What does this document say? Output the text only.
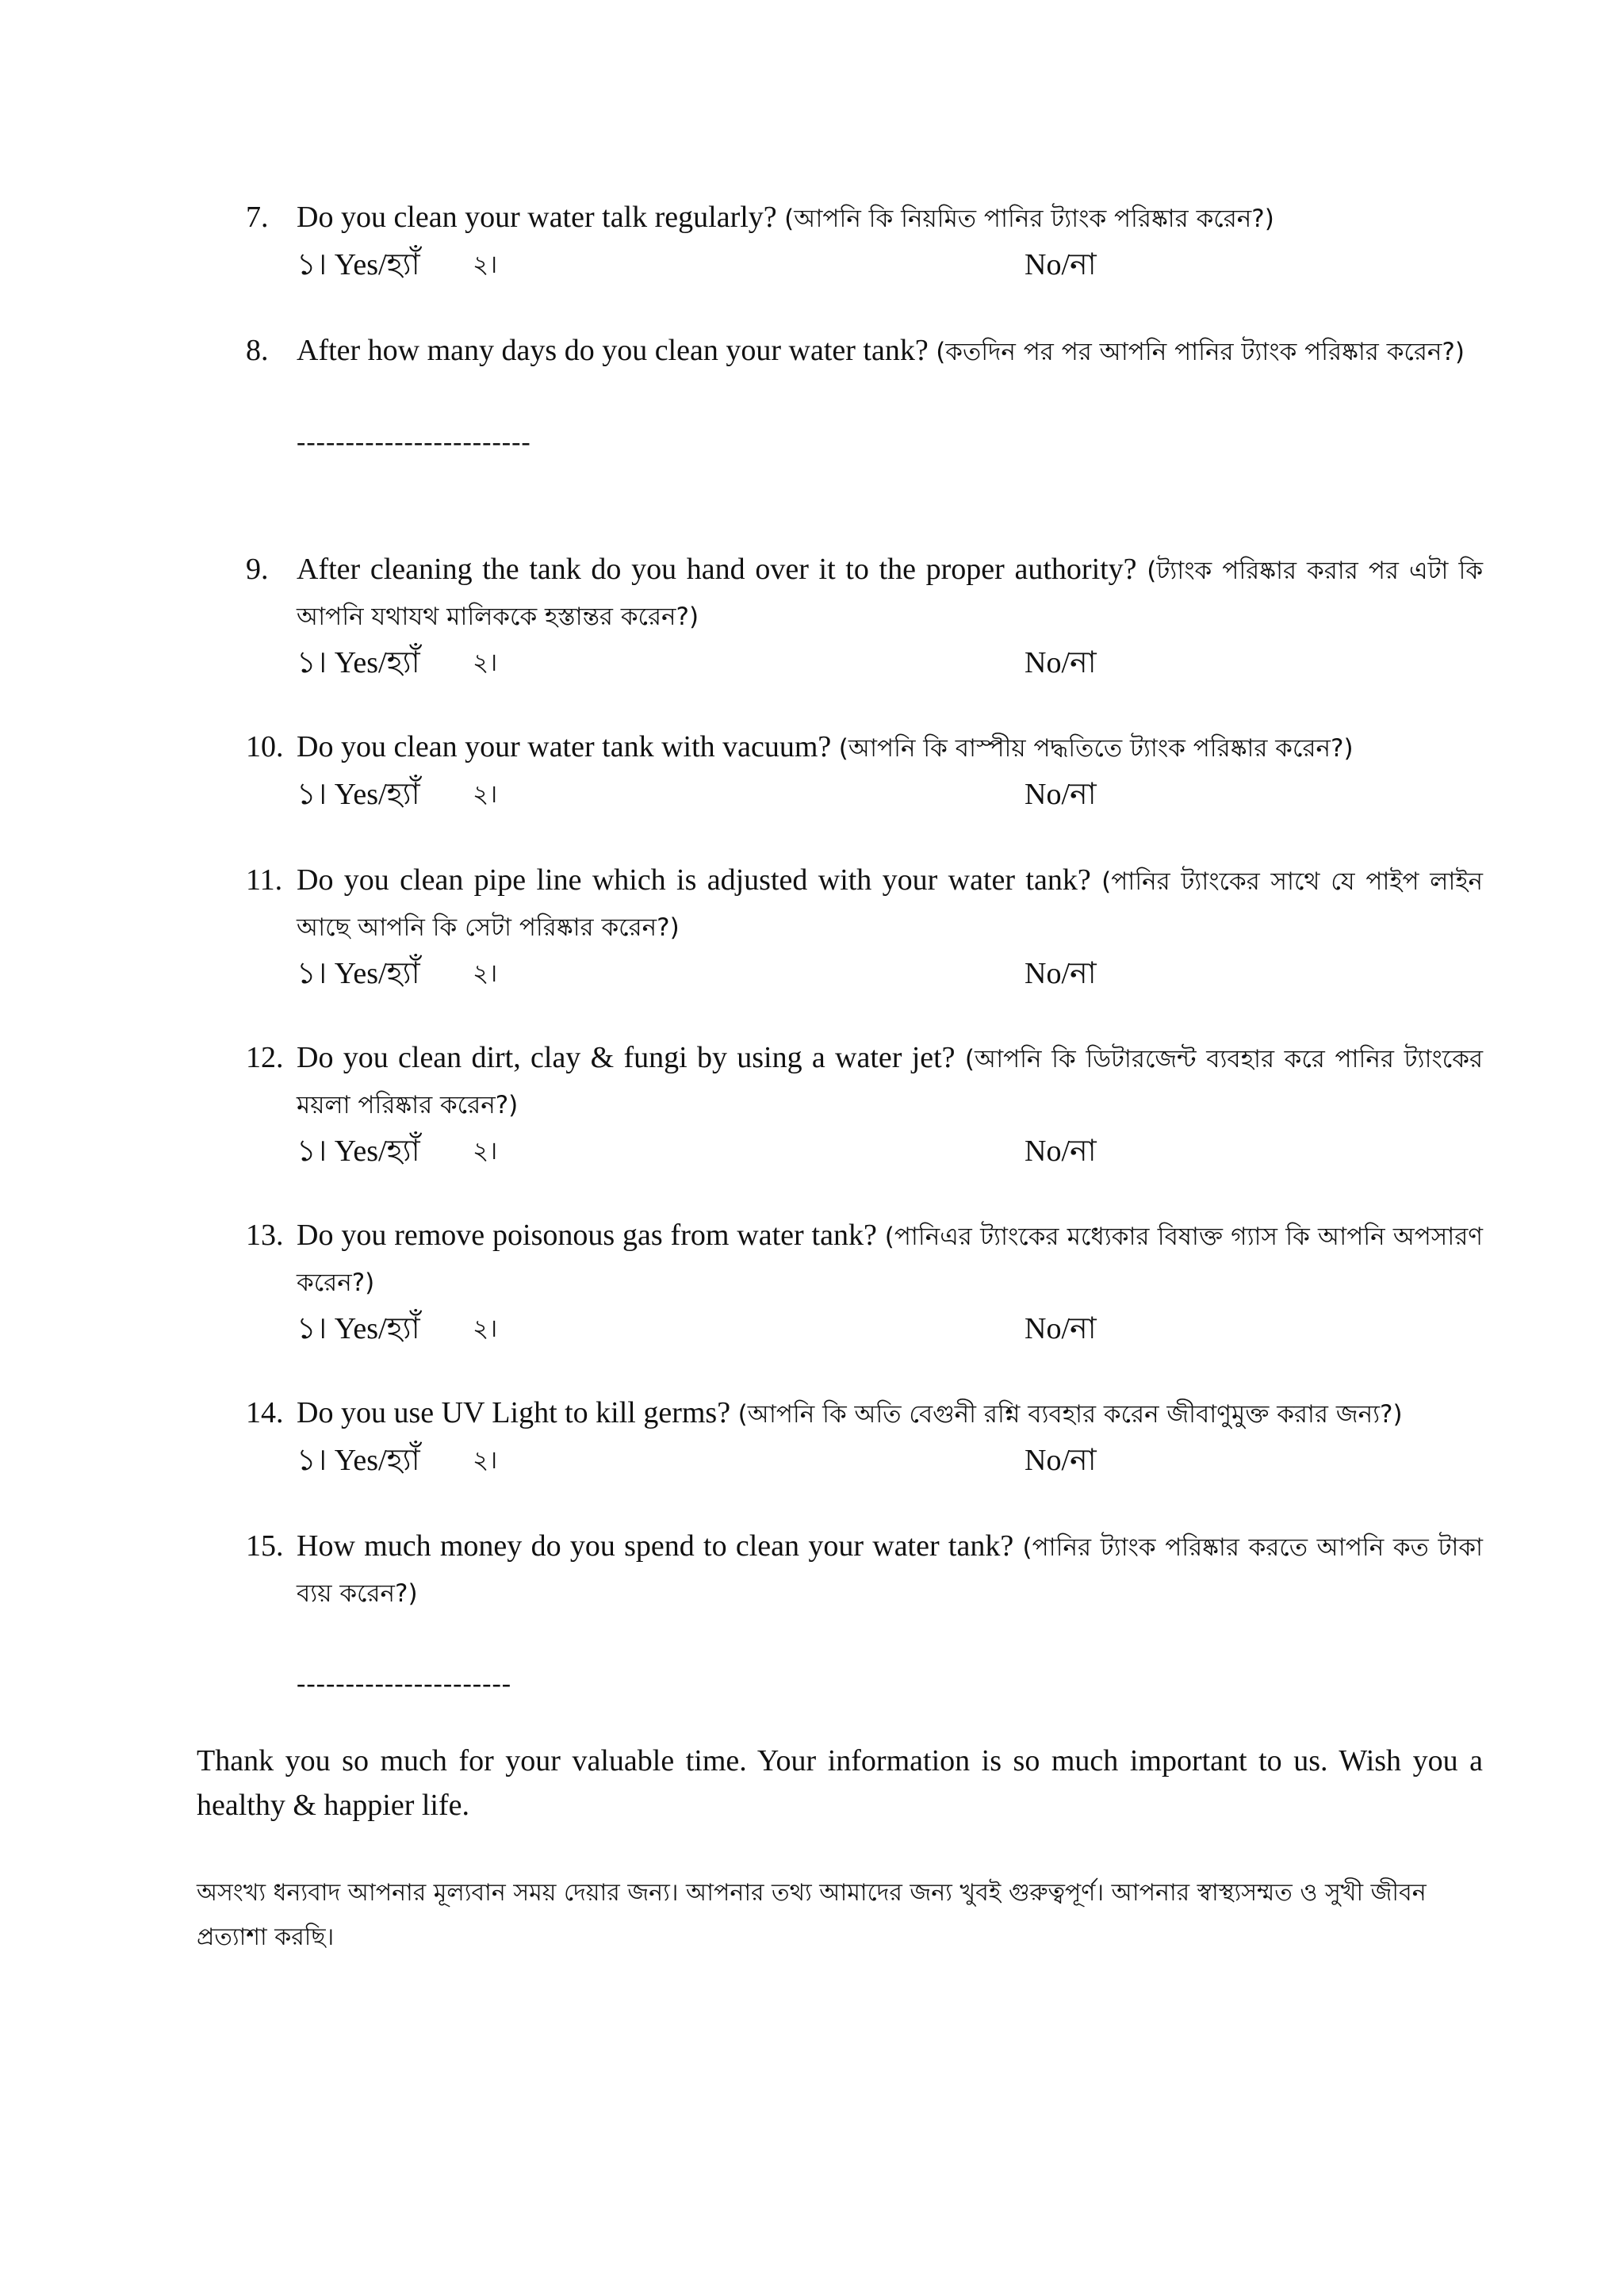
7. Do you clean your water talk regularly? (আপনি কি নিয়মিত পানির ট্যাংক পরিষ্কার করেন?)
১। Yes/হ্যাঁ ২।	No/না
8. After how many days do you clean your water tank? (কতদিন পর পর আপনি পানির ট্যাংক পরিষ্কার করেন?)
------------------------
9. After cleaning the tank do you hand over it to the proper authority? (ট্যাংক পরিষ্কার করার পর এটা কি আপনি যথাযথ মালিককে হস্তান্তর করেন?)
১। Yes/হ্যাঁ ২।	No/না
10. Do you clean your water tank with vacuum? (আপনি কি বাস্পীয় পদ্ধতিতে ট্যাংক পরিষ্কার করেন?)
১। Yes/হ্যাঁ ২।	No/না
11. Do you clean pipe line which is adjusted with your water tank? (পানির ট্যাংকের সাথে যে পাইপ লাইন আছে আপনি কি সেটা পরিষ্কার করেন?)
১। Yes/হ্যাঁ ২।	No/না
12. Do you clean dirt, clay & fungi by using a water jet? (আপনি কি ডিটারজেন্ট ব্যবহার করে পানির ট্যাংকের ময়লা পরিষ্কার করেন?)
১। Yes/হ্যাঁ ২।	No/না
13. Do you remove poisonous gas from water tank? (পানিএর ট্যাংকের মধ্যেকার বিষাক্ত গ্যাস কি আপনি অপসারণ করেন?)
১। Yes/হ্যাঁ ২।	No/না
14. Do you use UV Light to kill germs? (আপনি কি অতি বেগুনী রশ্নি ব্যবহার করেন জীবাণুমুক্ত করার জন্য?)
১। Yes/হ্যাঁ ২।	No/না
15. How much money do you spend to clean your water tank? (পানির ট্যাংক পরিষ্কার করতে আপনি কত টাকা ব্যয় করেন?)
----------------------
Thank you so much for your valuable time. Your information is so much important to us. Wish you a healthy & happier life.
অসংখ্য ধন্যবাদ আপনার মূল্যবান সময় দেয়ার জন্য। আপনার তথ্য আমাদের জন্য খুবই গুরুত্বপূর্ণ। আপনার স্বাস্থ্যসম্মত ও সুখী জীবন প্রত্যাশা করছি।
